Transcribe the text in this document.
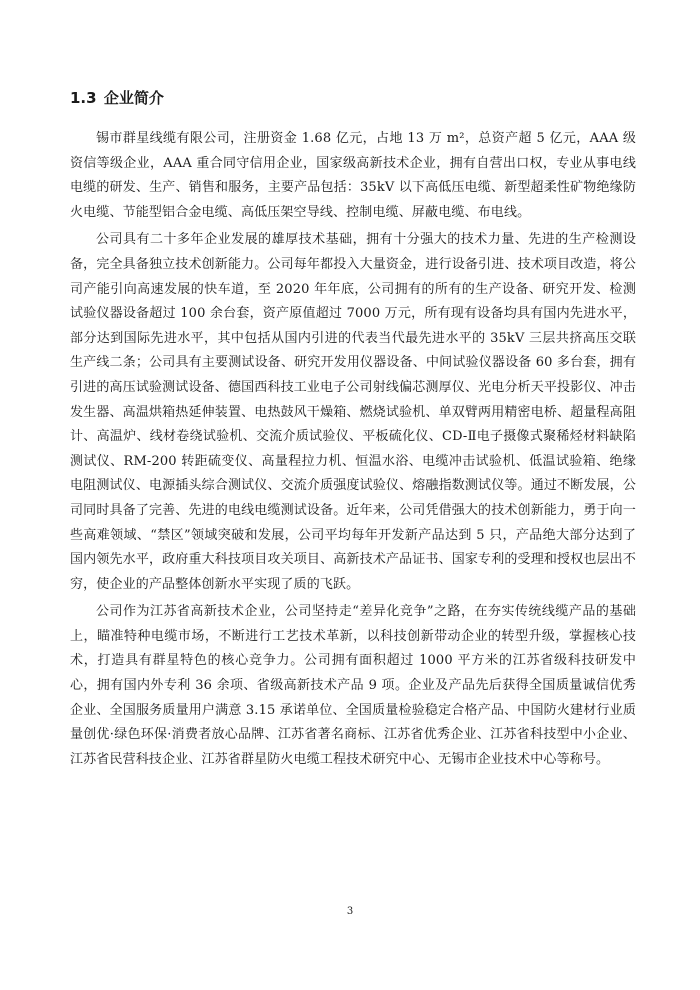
1.3 企业简介

锡市群星线缆有限公司，注册资金 1.68 亿元，占地 13 万 m²，总资产超 5 亿元，AAA 级资信等级企业，AAA 重合同守信用企业，国家级高新技术企业，拥有自营出口权，专业从事电线电缆的研发、生产、销售和服务，主要产品包括：35kV 以下高低压电缆、新型超柔性矿物绝缘防火电缆、节能型铝合金电缆、高低压架空导线、控制电缆、屏蔽电缆、布电线。

公司具有二十多年企业发展的雄厚技术基础，拥有十分强大的技术力量、先进的生产检测设备，完全具备独立技术创新能力。公司每年都投入大量资金，进行设备引进、技术项目改造，将公司产能引向高速发展的快车道，至 2020 年年底，公司拥有的所有的生产设备、研究开发、检测试验仪器设备超过 100 余台套，资产原值超过 7000 万元，所有现有设备均具有国内先进水平，部分达到国际先进水平，其中包括从国内引进的代表当代最先进水平的 35kV 三层共挤高压交联生产线二条；公司具有主要测试设备、研究开发用仪器设备、中间试验仪器设备 60 多台套，拥有引进的高压试验测试设备、德国西科技工业电子公司射线偏芯测厚仪、光电分析天平投影仪、冲击发生器、高温烘箱热延伸装置、电热鼓风干燥箱、燃烧试验机、单双臂两用精密电桥、超量程高阻计、高温炉、线材卷绕试验机、交流介质试验仪、平板硫化仪、CD-Ⅱ电子摄像式聚稀烃材料缺陷测试仪、RM-200 转距硫变仪、高量程拉力机、恒温水浴、电缆冲击试验机、低温试验箱、绝缘电阻测试仪、电源插头综合测试仪、交流介质强度试验仪、熔融指数测试仪等。通过不断发展，公司同时具备了完善、先进的电线电缆测试设备。近年来，公司凭借强大的技术创新能力，勇于向一些高难领域、“禁区”领域突破和发展，公司平均每年开发新产品达到 5 只，产品绝大部分达到了国内领先水平，政府重大科技项目攻关项目、高新技术产品证书、国家专利的受理和授权也层出不穷，使企业的产品整体创新水平实现了质的飞跃。

公司作为江苏省高新技术企业，公司坚持走“差异化竞争”之路，在夯实传统线缆产品的基础上，瞄准特种电缆市场，不断进行工艺技术革新，以科技创新带动企业的转型升级，掌握核心技术，打造具有群星特色的核心竞争力。公司拥有面积超过 1000 平方米的江苏省级科技研发中心，拥有国内外专利 36 余项、省级高新技术产品 9 项。企业及产品先后获得全国质量诚信优秀企业、全国服务质量用户满意 3.15 承诺单位、全国质量检验稳定合格产品、中国防火建材行业质量创优·绿色环保·消费者放心品牌、江苏省著名商标、江苏省优秀企业、江苏省科技型中小企业、江苏省民营科技企业、江苏省群星防火电缆工程技术研究中心、无锡市企业技术中心等称号。

3
